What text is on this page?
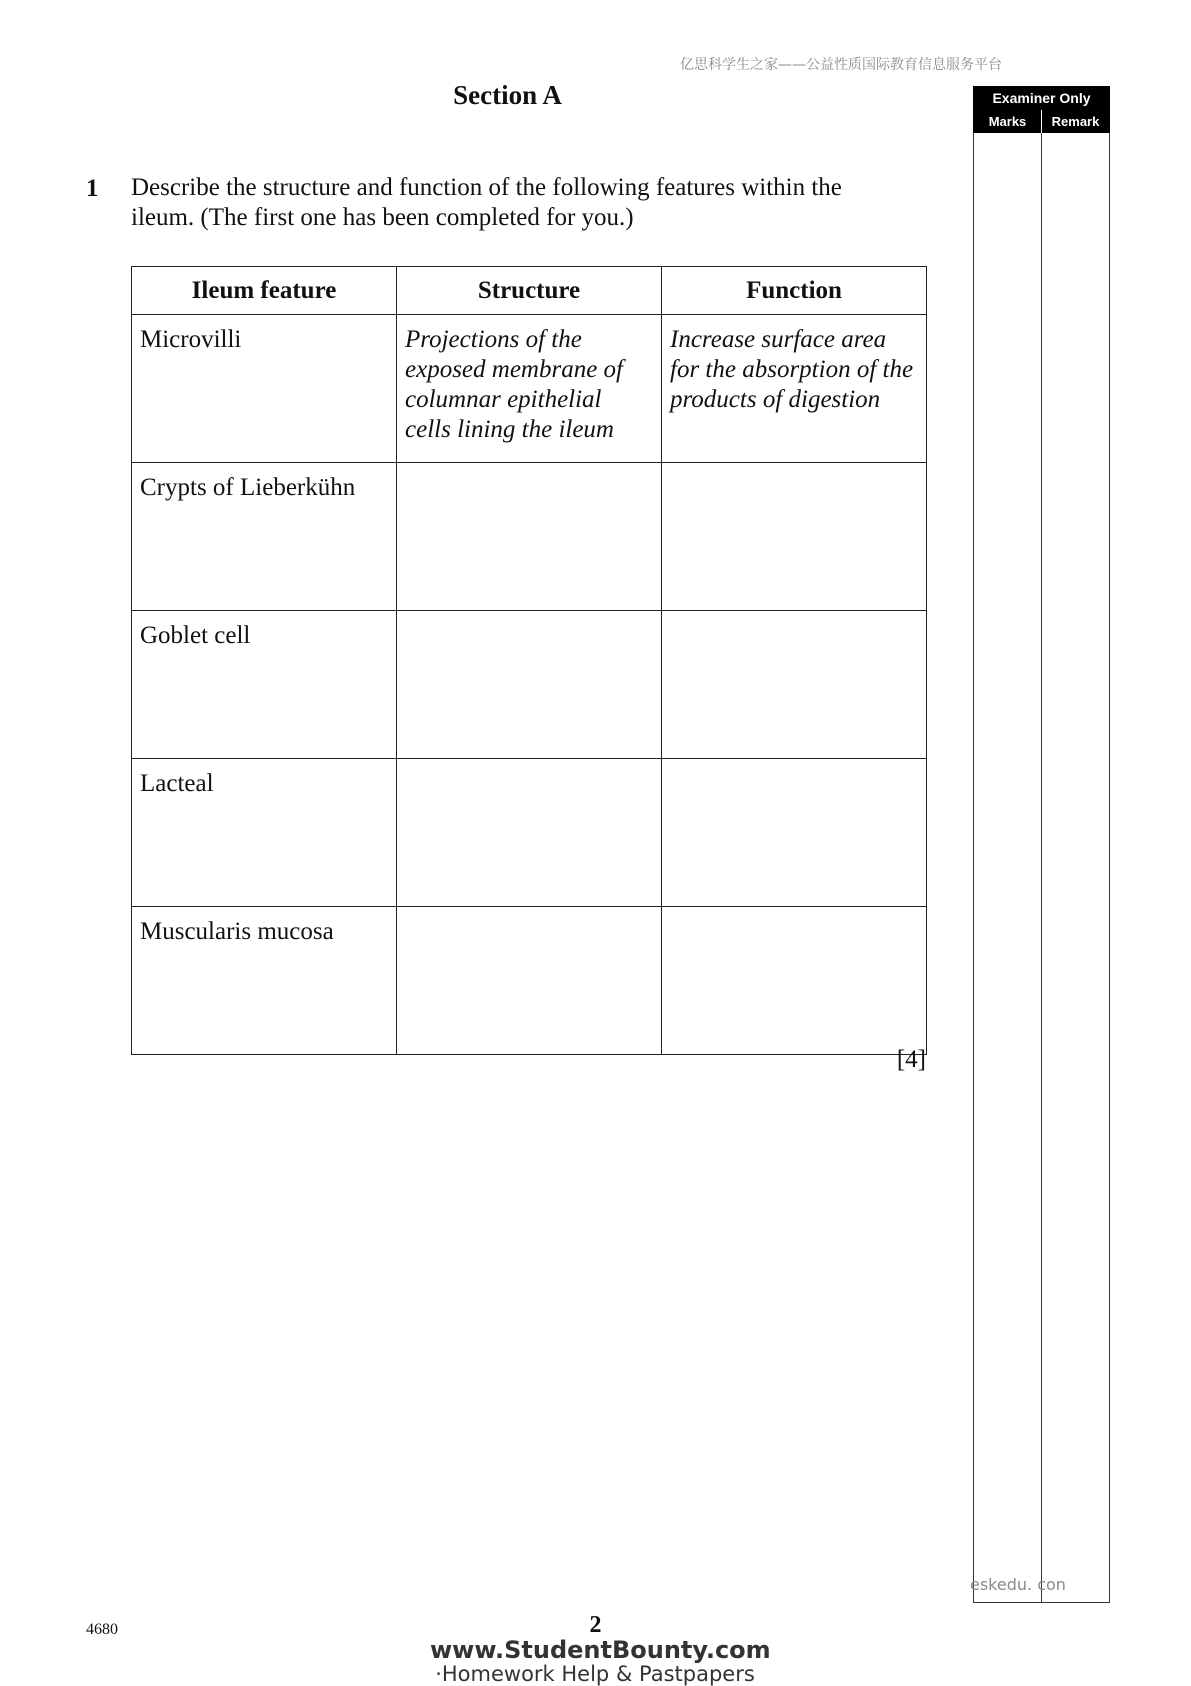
亿思科学生之家——公益性质国际教育信息服务平台
Section A	Examiner Only
Marks	Remark
1 Describe the structure and function of the following features within the ileum. (The first one has been completed for you.)
Ileum feature	Structure	Function
Microvilli	Projections of the exposed membrane of columnar epithelial cells lining the ileum	Increase surface area for the absorption of the products of digestion
Crypts of Lieberkühn		
Goblet cell		
Lacteal		
Muscularis mucosa		
[4]
eskedu. con
4680	2
www.StudentBounty.com
·Homework Help & Pastpapers
